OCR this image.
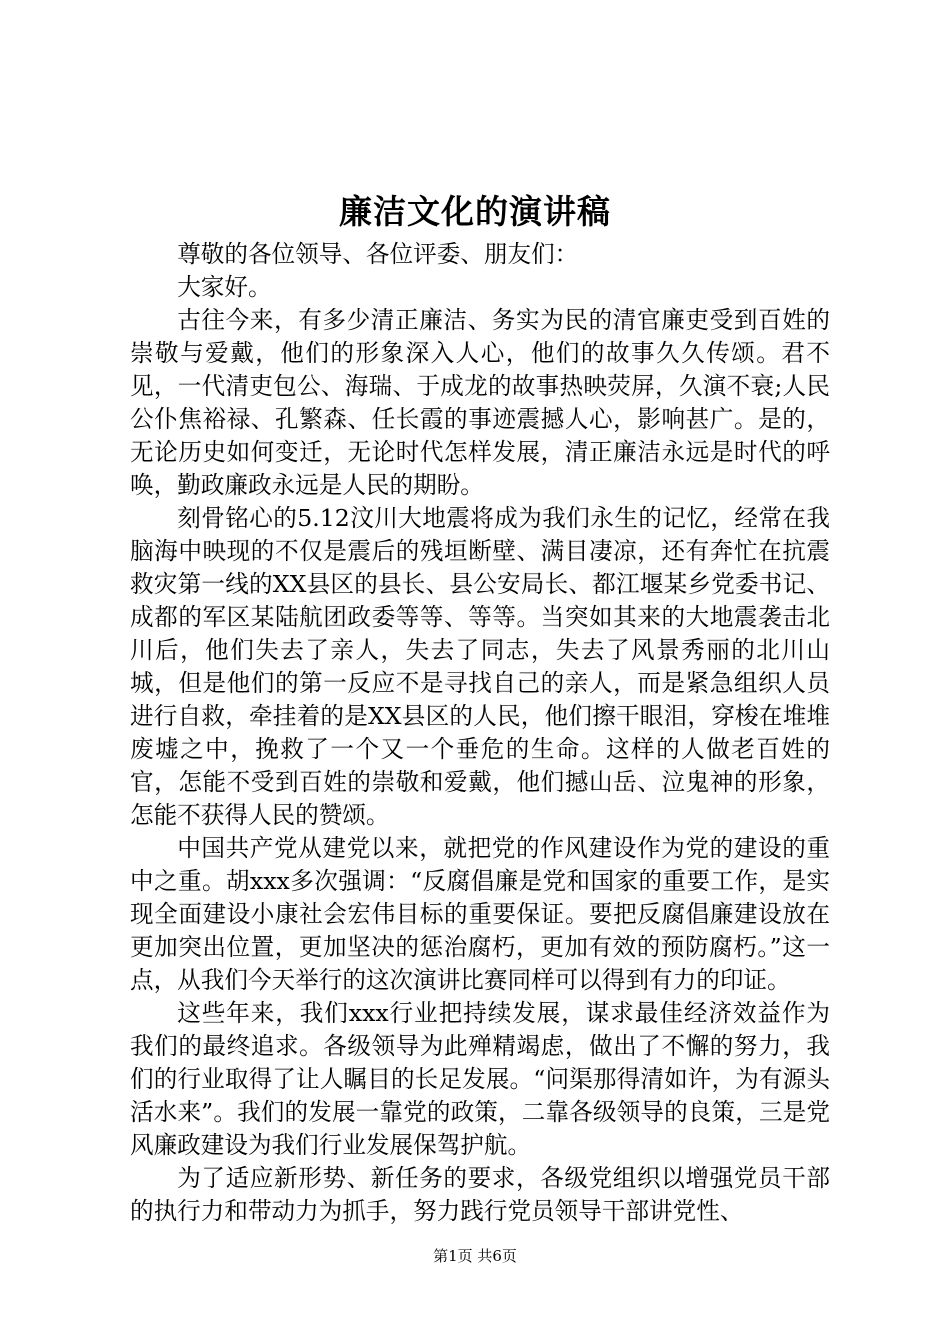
廉洁文化的演讲稿

尊敬的各位领导、各位评委、朋友们：

大家好。

古往今来，有多少清正廉洁、务实为民的清官廉吏受到百姓的崇敬与爱戴，他们的形象深入人心，他们的故事久久传颂。君不见，一代清吏包公、海瑞、于成龙的故事热映荧屏，久演不衰;人民公仆焦裕禄、孔繁森、任长霞的事迹震撼人心，影响甚广。是的，无论历史如何变迁，无论时代怎样发展，清正廉洁永远是时代的呼唤，勤政廉政永远是人民的期盼。

刻骨铭心的5.12汶川大地震将成为我们永生的记忆，经常在我脑海中映现的不仅是震后的残垣断壁、满目凄凉，还有奔忙在抗震救灾第一线的XX县区的县长、县公安局长、都江堰某乡党委书记、成都的军区某陆航团政委等等、等等。当突如其来的大地震袭击北川后，他们失去了亲人，失去了同志，失去了风景秀丽的北川山城，但是他们的第一反应不是寻找自己的亲人，而是紧急组织人员进行自救，牵挂着的是XX县区的人民，他们擦干眼泪，穿梭在堆堆废墟之中，挽救了一个又一个垂危的生命。这样的人做老百姓的官，怎能不受到百姓的崇敬和爱戴，他们撼山岳、泣鬼神的形象，怎能不获得人民的赞颂。

中国共产党从建党以来，就把党的作风建设作为党的建设的重中之重。胡xxx多次强调：“反腐倡廉是党和国家的重要工作，是实现全面建设小康社会宏伟目标的重要保证。要把反腐倡廉建设放在更加突出位置，更加坚决的惩治腐朽，更加有效的预防腐朽。”这一点，从我们今天举行的这次演讲比赛同样可以得到有力的印证。

这些年来，我们xxx行业把持续发展，谋求最佳经济效益作为我们的最终追求。各级领导为此殚精竭虑，做出了不懈的努力，我们的行业取得了让人瞩目的长足发展。“问渠那得清如许，为有源头活水来”。我们的发展一靠党的政策，二靠各级领导的良策，三是党风廉政建设为我们行业发展保驾护航。

为了适应新形势、新任务的要求，各级党组织以增强党员干部的执行力和带动力为抓手，努力践行党员领导干部讲党性、

第1页 共6页
